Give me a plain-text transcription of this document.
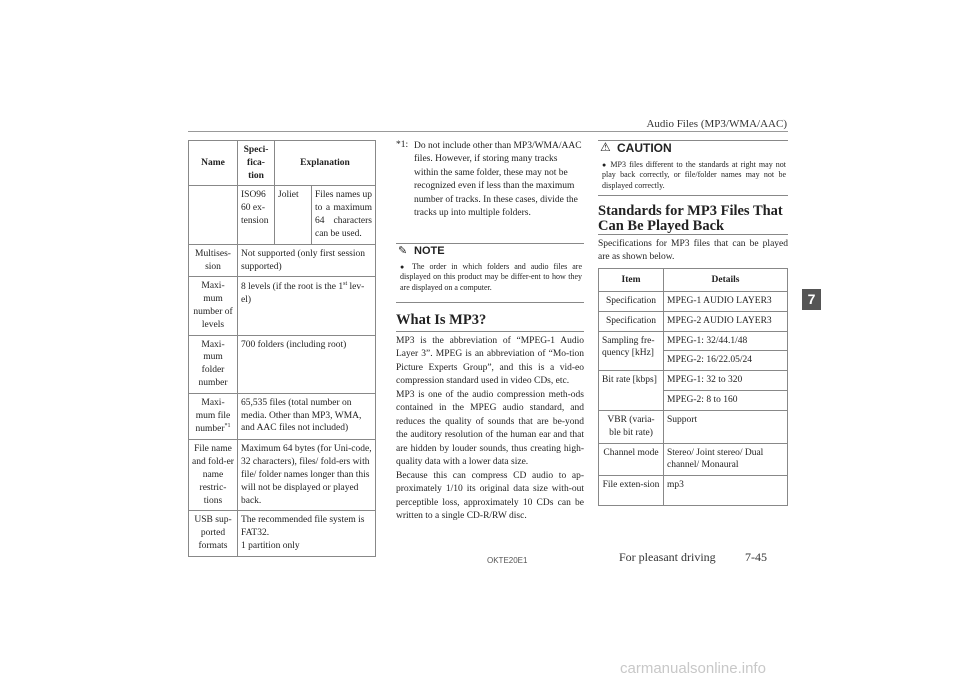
Audio Files (MP3/WMA/AAC)
7
Name	Speci-fica-tion	Explanation	
	ISO96 60 ex-tension	Joliet	Files names up to a maximum 64 characters can be used.
Multises-sion	Not supported (only first session supported)		
Maxi-mum number of levels	8 levels (if the root is the 1st lev-el)		
Maxi-mum folder number	700 folders (including root)		
Maxi-mum file number$^{*1}$	65,535 files (total number on media. Other than MP3, WMA, and AAC files not included)		
File name and fold-er name restric-tions	Maximum 64 bytes (for Uni-code, 32 characters), files/ fold-ers with file/ folder names longer than this will not be displayed or played back.		
USB sup-ported formats	The recommended file system is FAT32.
1 partition only		
*1: Do not include other than MP3/WMA/AAC files. However, if storing many tracks within the same folder, these may not be recognized even if less than the maximum number of tracks. In these cases, divide the tracks up into multiple folders.
✎ NOTE
● The order in which folders and audio files are displayed on this product may be differ-ent to how they are displayed on a computer.
What Is MP3?
MP3 is the abbreviation of “MPEG-1 Audio Layer 3”. MPEG is an abbreviation of “Mo-tion Picture Experts Group”, and this is a vid-eo compression standard used in video CDs, etc.
MP3 is one of the audio compression meth-ods contained in the MPEG audio standard, and reduces the quality of sounds that are be-yond the auditory resolution of the human ear and that are hidden by louder sounds, thus creating high-quality data with a lower data size.
Because this can compress CD audio to ap-proximately 1/10 its original data size with-out perceptible loss, approximately 10 CDs can be written to a single CD-R/RW disc.
⚠ CAUTION
● MP3 files different to the standards at right may not play back correctly, or file/folder names may not be displayed correctly.
Standards for MP3 Files That Can Be Played Back
Specifications for MP3 files that can be played are as shown below.
Item	Details
Specification	MPEG-1 AUDIO LAYER3
Specification	MPEG-2 AUDIO LAYER3
Sampling fre-quency [kHz]	MPEG-1: 32/44.1/48
	MPEG-2: 16/22.05/24
Bit rate [kbps]	MPEG-1: 32 to 320
	MPEG-2: 8 to 160
VBR (varia-ble bit rate)	Support
Channel mode	Stereo/ Joint stereo/ Dual channel/ Monaural
File exten-sion	mp3
OKTE20E1	For pleasant driving 7-45
carmanualsonline.info
